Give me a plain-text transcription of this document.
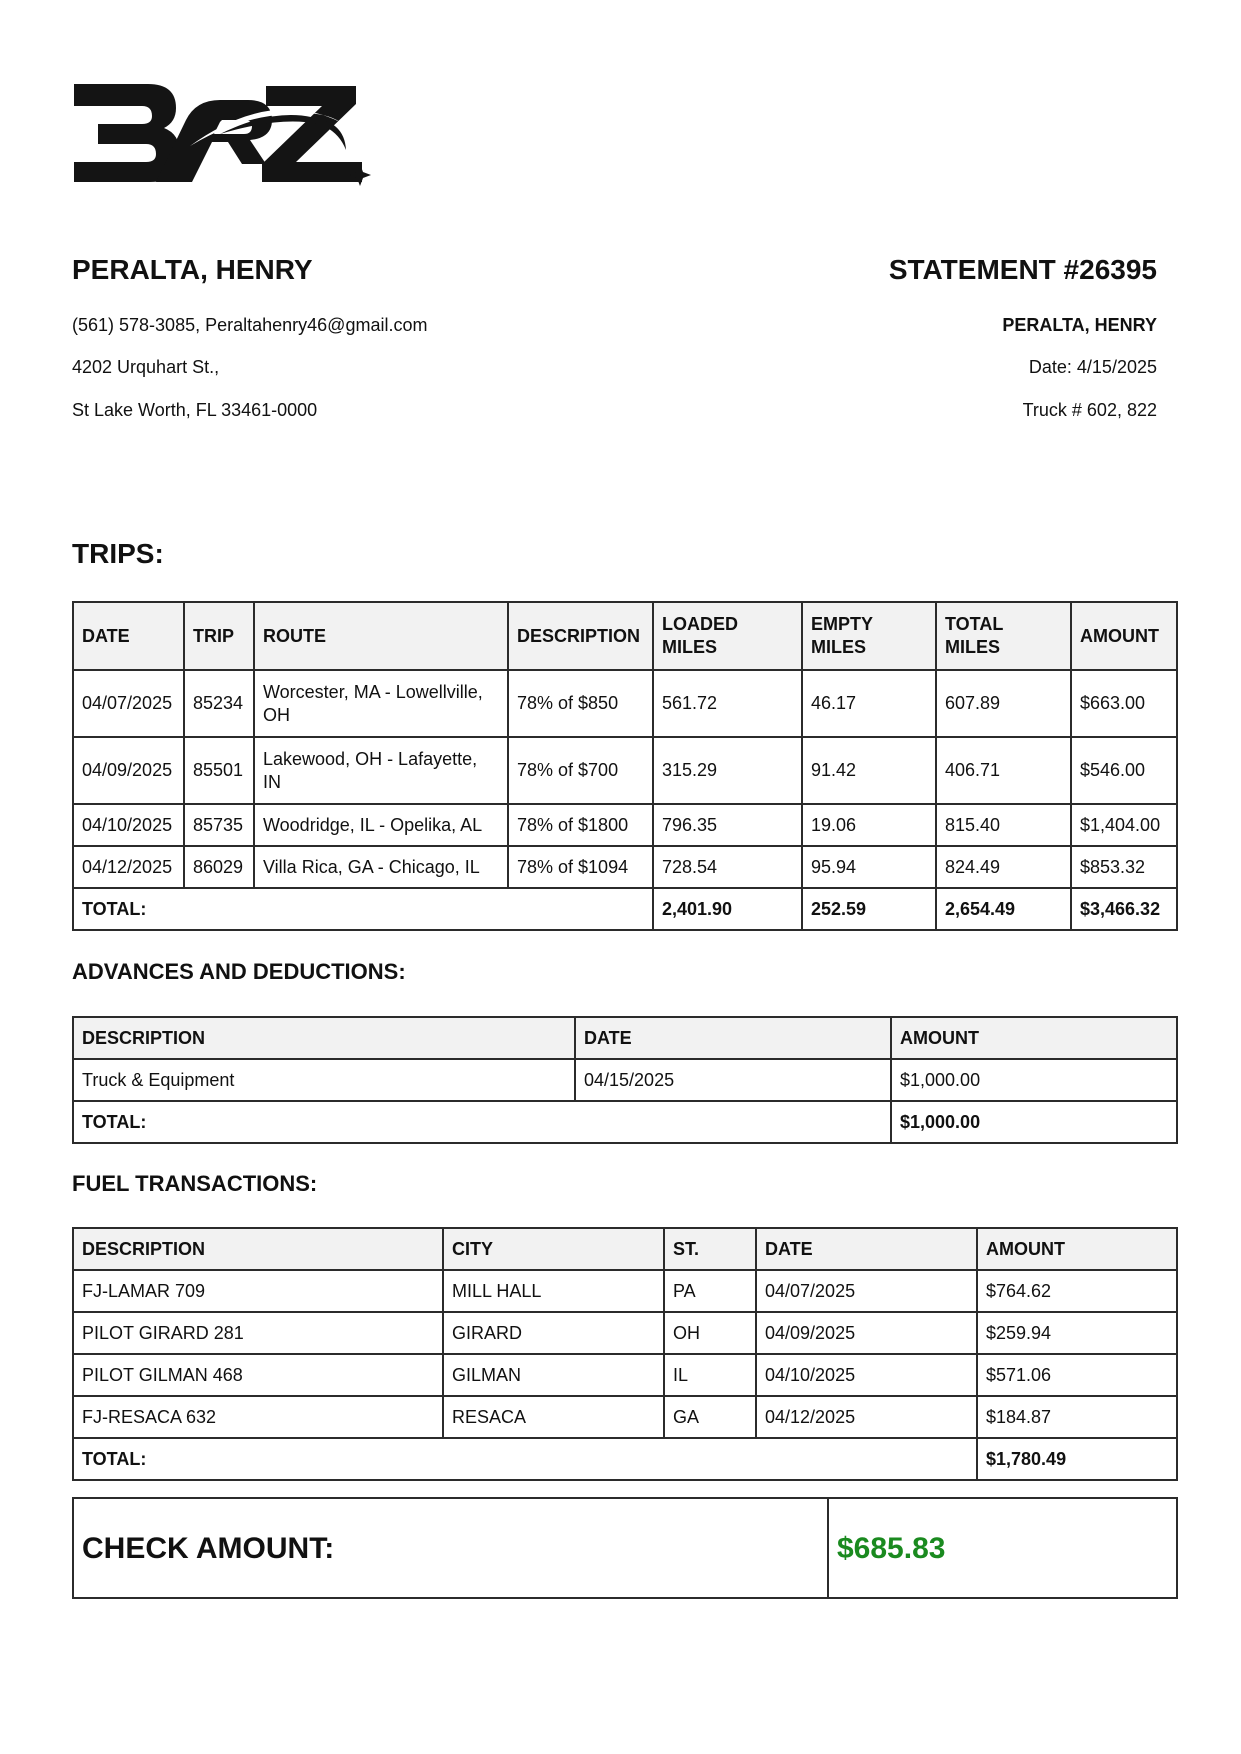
PERALTA, HENRY
(561) 578-3085, Peraltahenry46@gmail.com
4202 Urquhart St.,
St Lake Worth, FL 33461-0000
STATEMENT #26395
PERALTA, HENRY
Date: 4/15/2025
Truck # 602, 822
TRIPS:
DATE	TRIP	ROUTE	DESCRIPTION	LOADED MILES	EMPTY MILES	TOTAL MILES	AMOUNT
04/07/2025	85234	Worcester, MA - Lowellville, OH	78% of $850	561.72	46.17	607.89	$663.00
04/09/2025	85501	Lakewood, OH - Lafayette, IN	78% of $700	315.29	91.42	406.71	$546.00
04/10/2025	85735	Woodridge, IL - Opelika, AL	78% of $1800	796.35	19.06	815.40	$1,404.00
04/12/2025	86029	Villa Rica, GA - Chicago, IL	78% of $1094	728.54	95.94	824.49	$853.32
TOTAL:				2,401.90	252.59	2,654.49	$3,466.32
ADVANCES AND DEDUCTIONS:
DESCRIPTION	DATE	AMOUNT
Truck & Equipment	04/15/2025	$1,000.00
TOTAL:		$1,000.00
FUEL TRANSACTIONS:
DESCRIPTION	CITY	ST.	DATE	AMOUNT
FJ-LAMAR 709	MILL HALL	PA	04/07/2025	$764.62
PILOT GIRARD 281	GIRARD	OH	04/09/2025	$259.94
PILOT GILMAN 468	GILMAN	IL	04/10/2025	$571.06
FJ-RESACA 632	RESACA	GA	04/12/2025	$184.87
TOTAL:				$1,780.49
CHECK AMOUNT:	$685.83
